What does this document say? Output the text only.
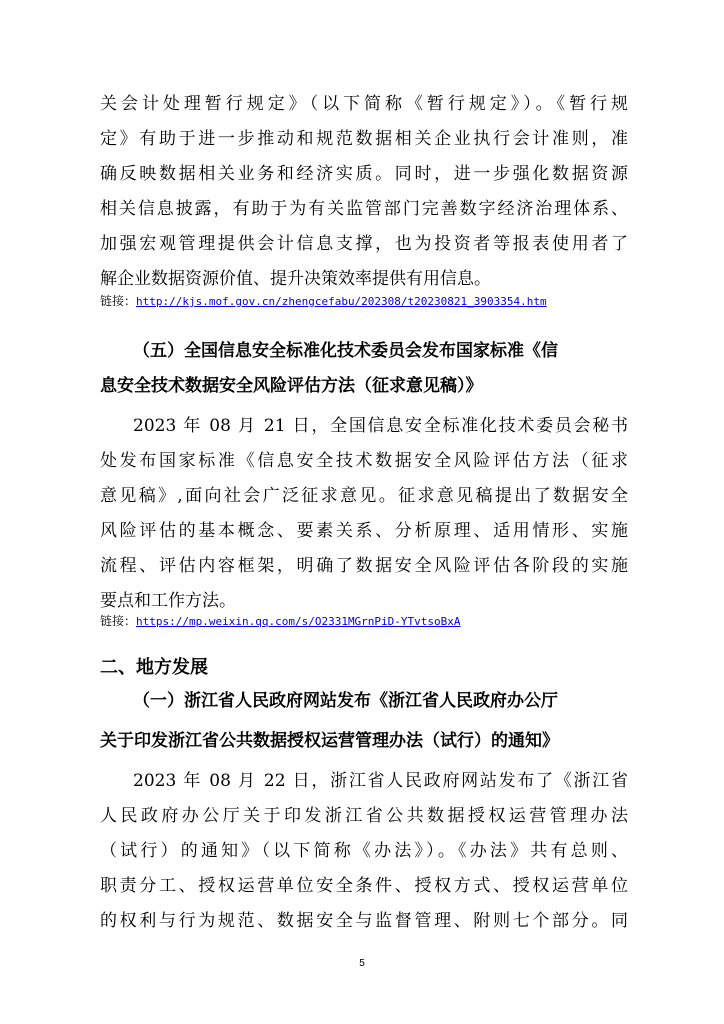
关会计处理暂行规定》（以下简称《暂行规定》）。《暂行规
定》有助于进一步推动和规范数据相关企业执行会计准则，准
确反映数据相关业务和经济实质。同时，进一步强化数据资源
相关信息披露，有助于为有关监管部门完善数字经济治理体系、
加强宏观管理提供会计信息支撑，也为投资者等报表使用者了
解企业数据资源价值、提升决策效率提供有用信息。
链接：http://kjs.mof.gov.cn/zhengcefabu/202308/t20230821_3903354.htm
（五）全国信息安全标准化技术委员会发布国家标准《信
息安全技术数据安全风险评估方法（征求意见稿）》
2023 年 08 月 21 日，全国信息安全标准化技术委员会秘书
处发布国家标准《信息安全技术数据安全风险评估方法（征求
意见稿》,面向社会广泛征求意见。征求意见稿提出了数据安全
风险评估的基本概念、要素关系、分析原理、适用情形、实施
流程、评估内容框架，明确了数据安全风险评估各阶段的实施
要点和工作方法。
链接：https://mp.weixin.qq.com/s/O2331MGrnPiD-YTvtsoBxA
二、地方发展
（一）浙江省人民政府网站发布《浙江省人民政府办公厅
关于印发浙江省公共数据授权运营管理办法（试行）的通知》
2023 年 08 月 22 日，浙江省人民政府网站发布了《浙江省
人民政府办公厅关于印发浙江省公共数据授权运营管理办法
（试行）的通知》（以下简称《办法》）。《办法》共有总则、
职责分工、授权运营单位安全条件、授权方式、授权运营单位
的权利与行为规范、数据安全与监督管理、附则七个部分。同
5
